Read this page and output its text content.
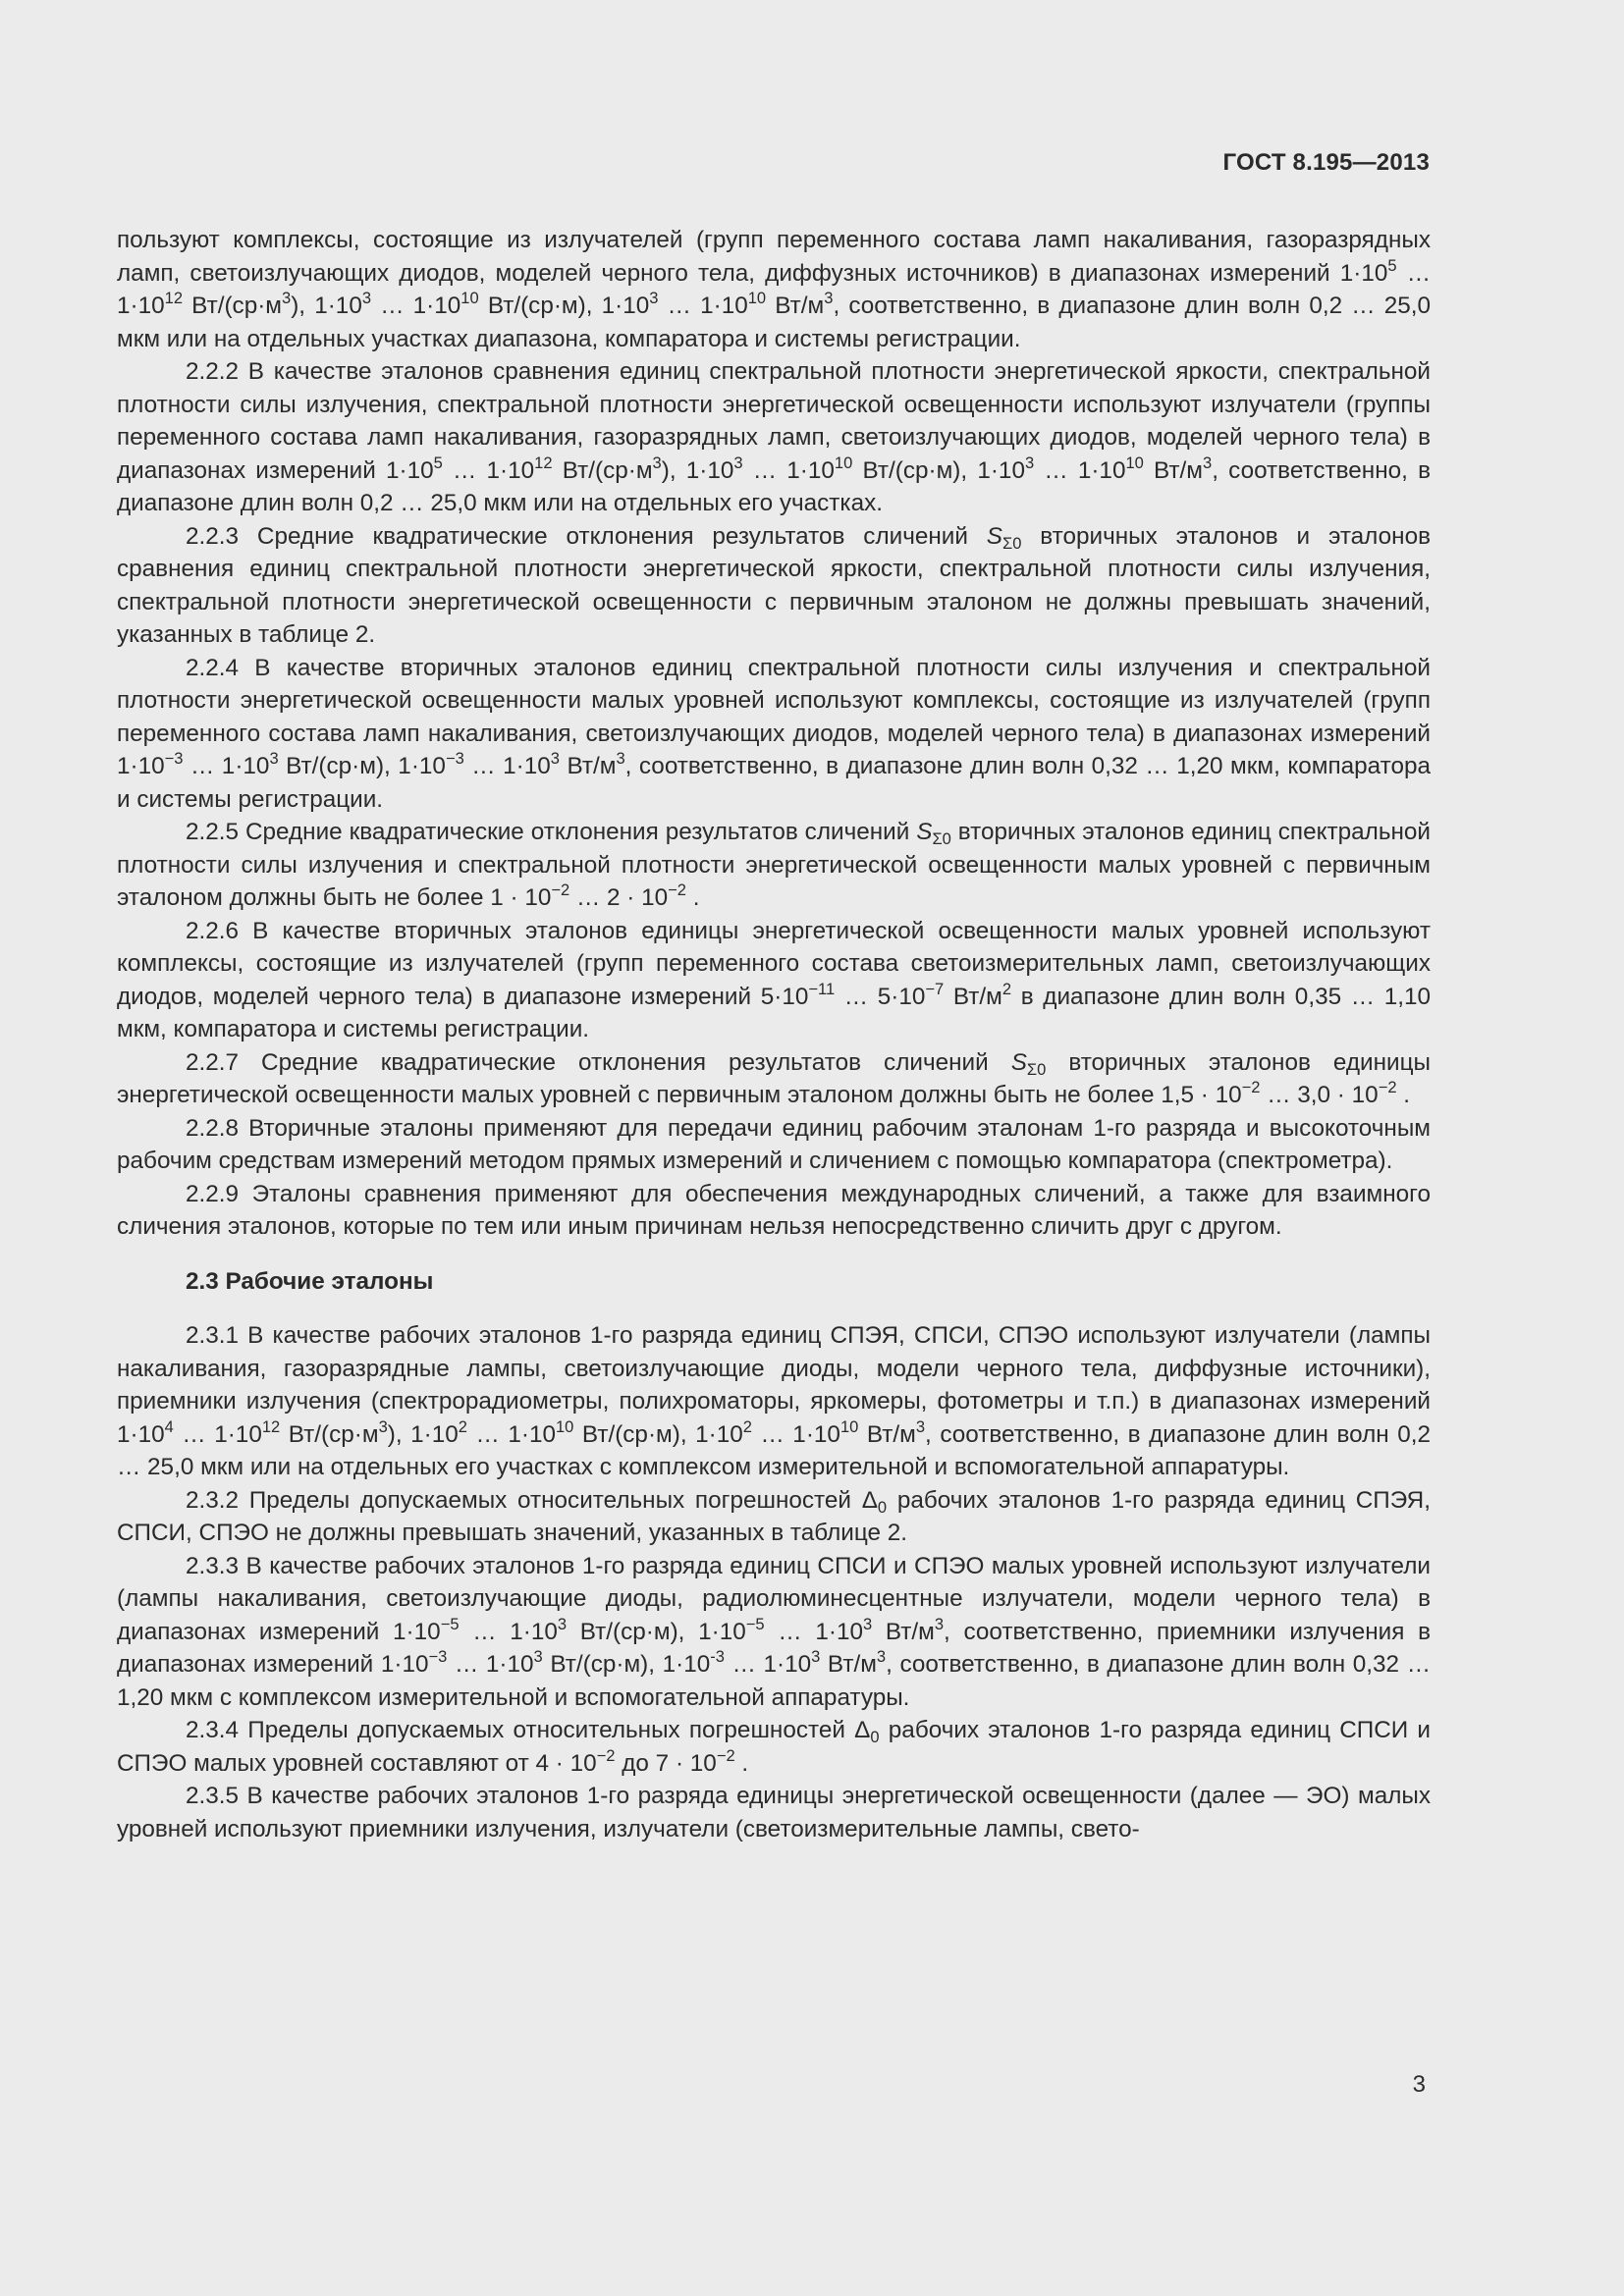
ГОСТ 8.195—2013

пользуют комплексы, состоящие из излучателей (групп переменного состава ламп накаливания, газоразрядных ламп, светоизлучающих диодов, моделей черного тела, диффузных источников) в диапазонах измерений $1\cdot 10^5$ … $1\cdot 10^{12}$ $Вт/(ср\cdot м^3)$, $1\cdot 10^3$ … $1\cdot 10^{10}$ Вт/(ср·м), $1\cdot 10^3$ … $1\cdot 10^{10}$ $Вт/м^3$, соответственно, в диапазоне длин волн 0,2 … 25,0 мкм или на отдельных участках диапазона, компаратора и системы регистрации.

2.2.2 В качестве эталонов сравнения единиц спектральной плотности энергетической яркости, спектральной плотности силы излучения, спектральной плотности энергетической освещенности используют излучатели (группы переменного состава ламп накаливания, газоразрядных ламп, светоизлучающих диодов, моделей черного тела) в диапазонах измерений $1\cdot 10^5$ … $1\cdot 10^{12}$ $Вт/(ср\cdot м^3)$, $1\cdot 10^3$ … $1\cdot 10^{10}$ Вт/(ср·м), $1\cdot 10^3$ … $1\cdot 10^{10}$ $Вт/м^3$, соответственно, в диапазоне длин волн 0,2 … 25,0 мкм или на отдельных его участках.

2.2.3 Средние квадратические отклонения результатов сличений $S_{\Sigma 0}$ вторичных эталонов и эталонов сравнения единиц спектральной плотности энергетической яркости, спектральной плотности силы излучения, спектральной плотности энергетической освещенности с первичным эталоном не должны превышать значений, указанных в таблице 2.

2.2.4 В качестве вторичных эталонов единиц спектральной плотности силы излучения и спектральной плотности энергетической освещенности малых уровней используют комплексы, состоящие из излучателей (групп переменного состава ламп накаливания, светоизлучающих диодов, моделей черного тела) в диапазонах измерений $1\cdot 10^{-3}$ … $1\cdot 10^3$ Вт/(ср·м), $1\cdot 10^{-3}$ … $1\cdot 10^3$ $Вт/м^3$, соответственно, в диапазоне длин волн 0,32 … 1,20 мкм, компаратора и системы регистрации.

2.2.5 Средние квадратические отклонения результатов сличений $S_{\Sigma 0}$ вторичных эталонов единиц спектральной плотности силы излучения и спектральной плотности энергетической освещенности малых уровней с первичным эталоном должны быть не более $1 \cdot 10^{-2}$ … $2 \cdot 10^{-2}$ .

2.2.6 В качестве вторичных эталонов единицы энергетической освещенности малых уровней используют комплексы, состоящие из излучателей (групп переменного состава светоизмерительных ламп, светоизлучающих диодов, моделей черного тела) в диапазоне измерений $5\cdot 10^{-11}$ … $5\cdot 10^{-7}$ $Вт/м^2$ в диапазоне длин волн 0,35 … 1,10 мкм, компаратора и системы регистрации.

2.2.7 Средние квадратические отклонения результатов сличений $S_{\Sigma 0}$ вторичных эталонов единицы энергетической освещенности малых уровней с первичным эталоном должны быть не более $1,5 \cdot 10^{-2}$ … $3,0 \cdot 10^{-2}$ .

2.2.8 Вторичные эталоны применяют для передачи единиц рабочим эталонам 1-го разряда и высокоточным рабочим средствам измерений методом прямых измерений и сличением с помощью компаратора (спектрометра).

2.2.9 Эталоны сравнения применяют для обеспечения международных сличений, а также для взаимного сличения эталонов, которые по тем или иным причинам нельзя непосредственно сличить друг с другом.

2.3 Рабочие эталоны

2.3.1 В качестве рабочих эталонов 1-го разряда единиц СПЭЯ, СПСИ, СПЭО используют излучатели (лампы накаливания, газоразрядные лампы, светоизлучающие диоды, модели черного тела, диффузные источники), приемники излучения (спектрорадиометры, полихроматоры, яркомеры, фотометры и т.п.) в диапазонах измерений $1\cdot 10^4$ … $1\cdot 10^{12}$ $Вт/(ср\cdot м^3)$, $1\cdot 10^2$ … $1\cdot 10^{10}$ Вт/(ср·м), $1\cdot 10^2$ … $1\cdot 10^{10}$ $Вт/м^3$, соответственно, в диапазоне длин волн 0,2 … 25,0 мкм или на отдельных его участках с комплексом измерительной и вспомогательной аппаратуры.

2.3.2 Пределы допускаемых относительных погрешностей $\Delta_0$ рабочих эталонов 1-го разряда единиц СПЭЯ, СПСИ, СПЭО не должны превышать значений, указанных в таблице 2.

2.3.3 В качестве рабочих эталонов 1-го разряда единиц СПСИ и СПЭО малых уровней используют излучатели (лампы накаливания, светоизлучающие диоды, радиолюминесцентные излучатели, модели черного тела) в диапазонах измерений $1\cdot 10^{-5}$ … $1\cdot 10^3$ Вт/(ср·м), $1\cdot 10^{-5}$ … $1\cdot 10^3$ $Вт/м^3$, соответственно, приемники излучения в диапазонах измерений $1\cdot 10^{-3}$ … $1\cdot 10^3$ Вт/(ср·м), $1\cdot 10^{-3}$ … $1\cdot 10^3$ $Вт/м^3$, соответственно, в диапазоне длин волн 0,32 … 1,20 мкм с комплексом измерительной и вспомогательной аппаратуры.

2.3.4 Пределы допускаемых относительных погрешностей $\Delta_0$ рабочих эталонов 1-го разряда единиц СПСИ и СПЭО малых уровней составляют от $4 \cdot 10^{-2}$ до $7 \cdot 10^{-2}$ .

2.3.5 В качестве рабочих эталонов 1-го разряда единицы энергетической освещенности (далее — ЭО) малых уровней используют приемники излучения, излучатели (светоизмерительные лампы, свето-

3
